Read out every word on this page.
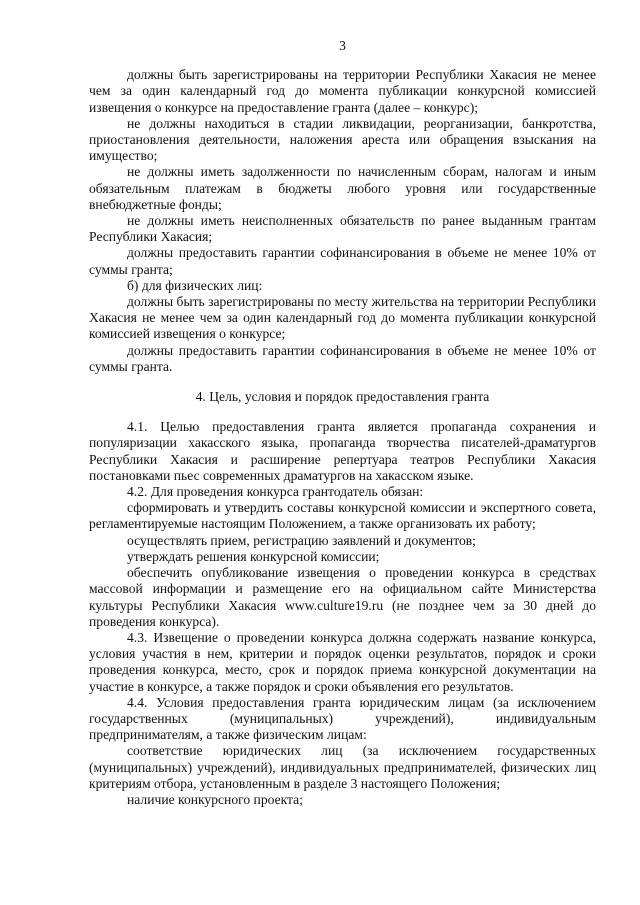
3

должны быть зарегистрированы на территории Республики Хакасия не менее чем за один календарный год до момента публикации конкурсной комиссией извещения о конкурсе на предоставление гранта (далее – конкурс);

не должны находиться в стадии ликвидации, реорганизации, банкротства, приостановления деятельности, наложения ареста или обращения взыскания на имущество;

не должны иметь задолженности по начисленным сборам, налогам и иным обязательным платежам в бюджеты любого уровня или государственные внебюджетные фонды;

не должны иметь неисполненных обязательств по ранее выданным грантам Республики Хакасия;

должны предоставить гарантии софинансирования в объеме не менее 10% от суммы гранта;

б) для физических лиц:

должны быть зарегистрированы по месту жительства на территории Республики Хакасия не менее чем за один календарный год до момента публикации конкурсной комиссией извещения о конкурсе;

должны предоставить гарантии софинансирования в объеме не менее 10% от суммы гранта.

4. Цель, условия и порядок предоставления гранта

4.1. Целью предоставления гранта является пропаганда сохранения и популяризации хакасского языка, пропаганда творчества писателей-драматургов Республики Хакасия и расширение репертуара театров Республики Хакасия постановками пьес современных драматургов на хакасском языке.

4.2. Для проведения конкурса грантодатель обязан:

сформировать и утвердить составы конкурсной комиссии и экспертного совета, регламентируемые настоящим Положением, а также организовать их работу;

осуществлять прием, регистрацию заявлений и документов;

утверждать решения конкурсной комиссии;

обеспечить опубликование извещения о проведении конкурса в средствах массовой информации и размещение его на официальном сайте Министерства культуры Республики Хакасия www.culture19.ru (не позднее чем за 30 дней до проведения конкурса).

4.3. Извещение о проведении конкурса должна содержать название конкурса, условия участия в нем, критерии и порядок оценки результатов, порядок и сроки проведения конкурса, место, срок и порядок приема конкурсной документации на участие в конкурсе, а также порядок и сроки объявления его результатов.

4.4. Условия предоставления гранта юридическим лицам (за исключением государственных (муниципальных) учреждений), индивидуальным предпринимателям, а также физическим лицам:

соответствие юридических лиц (за исключением государственных (муниципальных) учреждений), индивидуальных предпринимателей, физических лиц критериям отбора, установленным в разделе 3 настоящего Положения;

наличие конкурсного проекта;
